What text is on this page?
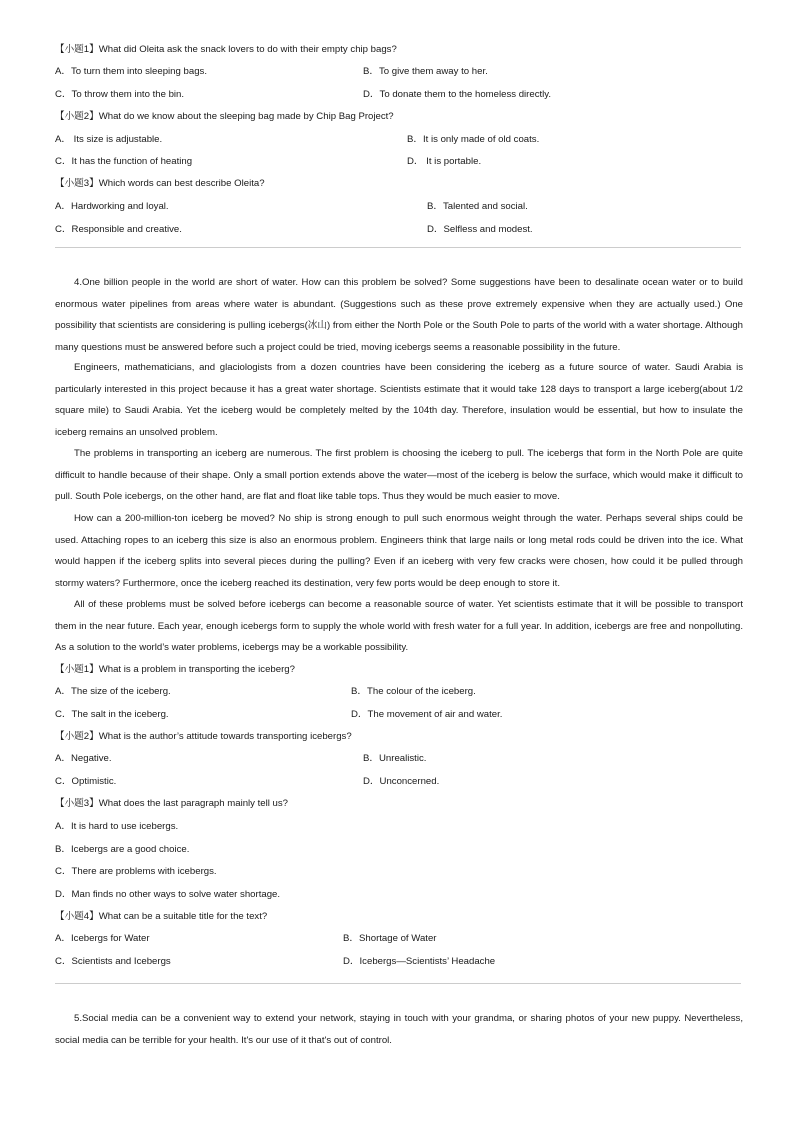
【小题1】What did Oleita ask the snack lovers to do with their empty chip bags?
A．To turn them into sleeping bags.	B．To give them away to her.
C．To throw them into the bin.	D．To donate them to the homeless directly.
【小题2】What do we know about the sleeping bag made by Chip Bag Project?
A． Its size is adjustable.	B．It is only made of old coats.
C．It has the function of heating	D． It is portable.
【小题3】Which words can best describe Oleita?
A．Hardworking and loyal.	B．Talented and social.
C．Responsible and creative.	D．Selfless and modest.
4.One billion people in the world are short of water. How can this problem be solved? Some suggestions have been to desalinate ocean water or to build enormous water pipelines from areas where water is abundant. (Suggestions such as these prove extremely expensive when they are actually used.) One possibility that scientists are considering is pulling icebergs(冰山) from either the North Pole or the South Pole to parts of the world with a water shortage. Although many questions must be answered before such a project could be tried, moving icebergs seems a reasonable possibility in the future.
Engineers, mathematicians, and glaciologists from a dozen countries have been considering the iceberg as a future source of water. Saudi Arabia is particularly interested in this project because it has a great water shortage. Scientists estimate that it would take 128 days to transport a large iceberg(about 1/2 square mile) to Saudi Arabia. Yet the iceberg would be completely melted by the 104th day. Therefore, insulation would be essential, but how to insulate the iceberg remains an unsolved problem.
The problems in transporting an iceberg are numerous. The first problem is choosing the iceberg to pull. The icebergs that form in the North Pole are quite difficult to handle because of their shape. Only a small portion extends above the water—most of the iceberg is below the surface, which would make it difficult to pull. South Pole icebergs, on the other hand, are flat and float like table tops. Thus they would be much easier to move.
How can a 200-million-ton iceberg be moved? No ship is strong enough to pull such enormous weight through the water. Perhaps several ships could be used. Attaching ropes to an iceberg this size is also an enormous problem. Engineers think that large nails or long metal rods could be driven into the ice. What would happen if the iceberg splits into several pieces during the pulling? Even if an iceberg with very few cracks were chosen, how could it be pulled through stormy waters? Furthermore, once the iceberg reached its destination, very few ports would be deep enough to store it.
All of these problems must be solved before icebergs can become a reasonable source of water. Yet scientists estimate that it will be possible to transport them in the near future. Each year, enough icebergs form to supply the whole world with fresh water for a full year. In addition, icebergs are free and nonpolluting. As a solution to the world’s water problems, icebergs may be a workable possibility.
【小题1】What is a problem in transporting the iceberg?
A．The size of the iceberg.	B．The colour of the iceberg.
C．The salt in the iceberg.	D．The movement of air and water.
【小题2】What is the author’s attitude towards transporting icebergs?
A．Negative.	B．Unrealistic.
C．Optimistic.	D．Unconcerned.
【小题3】What does the last paragraph mainly tell us?
A．It is hard to use icebergs.
B．Icebergs are a good choice.
C．There are problems with icebergs.
D．Man finds no other ways to solve water shortage.
【小题4】What can be a suitable title for the text?
A．Icebergs for Water	B．Shortage of Water
C．Scientists and Icebergs	D．Icebergs—Scientists’ Headache
5.Social media can be a convenient way to extend your network, staying in touch with your grandma, or sharing photos of your new puppy. Nevertheless, social media can be terrible for your health. It's our use of it that's out of control.
